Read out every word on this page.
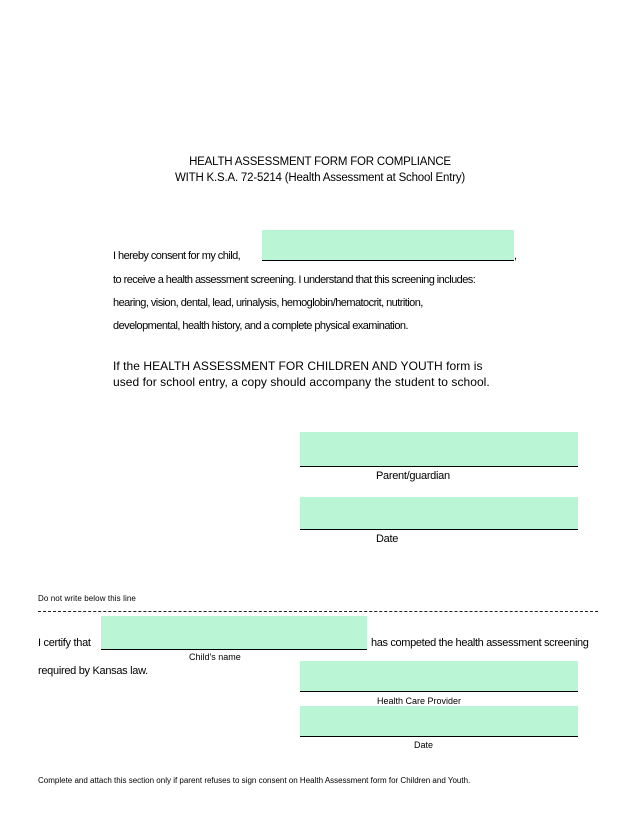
HEALTH ASSESSMENT FORM FOR COMPLIANCE
WITH K.S.A. 72-5214 (Health Assessment at School Entry)
I hereby consent for my child,	,
to receive a health assessment screening. I understand that this screening includes:
hearing, vision, dental, lead, urinalysis, hemoglobin/hematocrit, nutrition,
developmental, health history, and a complete physical examination.
If the HEALTH ASSESSMENT FOR CHILDREN AND YOUTH form is
used for school entry, a copy should accompany the student to school.
Parent/guardian
Date
Do not write below this line
I certify that	has competed the health assessment screening
Child's name
required by Kansas law.
Health Care Provider
Date
Complete and attach this section only if parent refuses to sign consent on Health Assessment form for Children and Youth.
